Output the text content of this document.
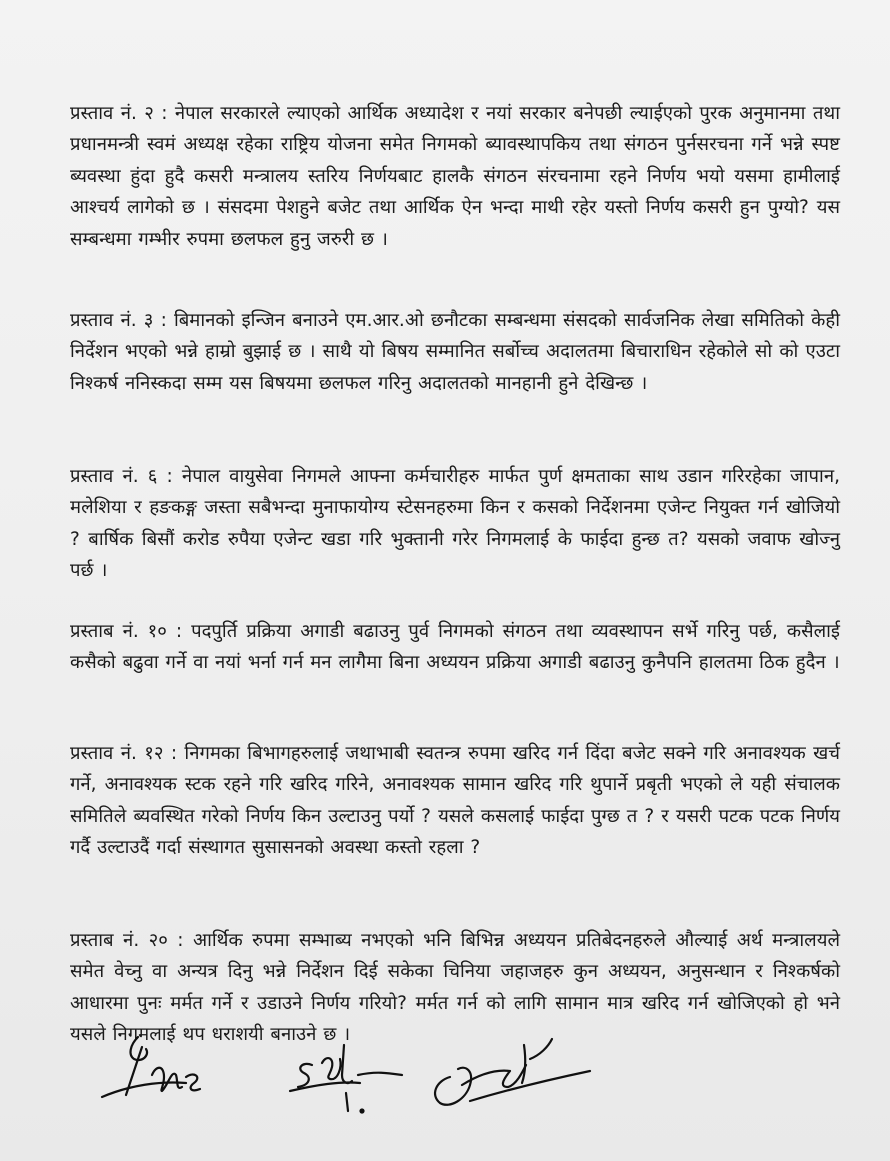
प्रस्ताव नं. २ : नेपाल सरकारले ल्याएको आर्थिक अध्यादेश र नयां सरकार बनेपछी ल्याईएको पुरक अनुमानमा तथा प्रधानमन्त्री स्वमं अध्यक्ष रहेका राष्ट्रिय योजना समेत निगमको ब्यावस्थापकिय तथा संगठन पुर्नसरचना गर्ने भन्ने स्पष्ट ब्यवस्था हुंदा हुदै कसरी मन्त्रालय स्तरिय निर्णयबाट हालकै संगठन संरचनामा रहने निर्णय भयो यसमा हामीलाई आश्चर्य लागेको छ । संसदमा पेशहुने बजेट तथा आर्थिक ऐन भन्दा माथी रहेर यस्तो निर्णय कसरी हुन पुग्यो? यस सम्बन्धमा गम्भीर रुपमा छलफल हुनु जरुरी छ ।

प्रस्ताव नं. ३ : बिमानको इन्जिन बनाउने एम.आर.ओ छनौटका सम्बन्धमा संसदको सार्वजनिक लेखा समितिको केही निर्देशन भएको भन्ने हाम्रो बुझाई छ । साथै यो बिषय सम्मानित सर्बोच्च अदालतमा बिचाराधिन रहेकोले सो को एउटा निश्कर्ष ननिस्कदा सम्म यस बिषयमा छलफल गरिनु अदालतको मानहानी हुने देखिन्छ ।

प्रस्ताव नं. ६ : नेपाल वायुसेवा निगमले आफ्ना कर्मचारीहरु मार्फत पुर्ण क्षमताका साथ उडान गरिरहेका जापान, मलेशिया र हङकङ्ग जस्ता सबैभन्दा मुनाफायोग्य स्टेसनहरुमा किन र कसको निर्देशनमा एजेन्ट नियुक्त गर्न खोजियो ? बार्षिक बिसौं करोड रुपैया एजेन्ट खडा गरि भुक्तानी गरेर निगमलाई के फाईदा हुन्छ त? यसको जवाफ खोज्नु पर्छ ।

प्रस्ताब नं. १० : पदपुर्ति प्रक्रिया अगाडी बढाउनु पुर्व निगमको संगठन तथा व्यवस्थापन सर्भे गरिनु पर्छ, कसैलाई कसैको बढुवा गर्ने वा नयां भर्ना गर्न मन लागेैमा बिना अध्ययन प्रक्रिया अगाडी बढाउनु कुनैपनि हालतमा ठिक हुदैन ।

प्रस्ताव नं. १२ : निगमका बिभागहरुलाई जथाभाबी स्वतन्त्र रुपमा खरिद गर्न दिंदा बजेट सक्ने गरि अनावश्यक खर्च गर्ने, अनावश्यक स्टक रहने गरि खरिद गरिने, अनावश्यक सामान खरिद गरि थुपार्ने प्रबृती भएको ले यही संचालक समितिले ब्यवस्थित गरेको निर्णय किन उल्टाउनु पर्यो ? यसले कसलाई फाईदा पुग्छ त ? र यसरी पटक पटक निर्णय गर्दै उल्टाउदैं गर्दा संस्थागत सुसासनको अवस्था कस्तो रहला ?

प्रस्ताब नं. २० : आर्थिक रुपमा सम्भाब्य नभएको भनि बिभिन्न अध्ययन प्रतिबेदनहरुले औल्याई अर्थ मन्त्रालयले समेत वेच्नु वा अन्यत्र दिनु भन्ने निर्देशन दिई सकेका चिनिया जहाजहरु कुन अध्ययन, अनुसन्धान र निश्कर्षको आधारमा पुनः मर्मत गर्ने र उडाउने निर्णय गरियो? मर्मत गर्न को लागि सामान मात्र खरिद गर्न खोजिएको हो भने यसले निगमलाई थप धराशयी बनाउने छ ।
